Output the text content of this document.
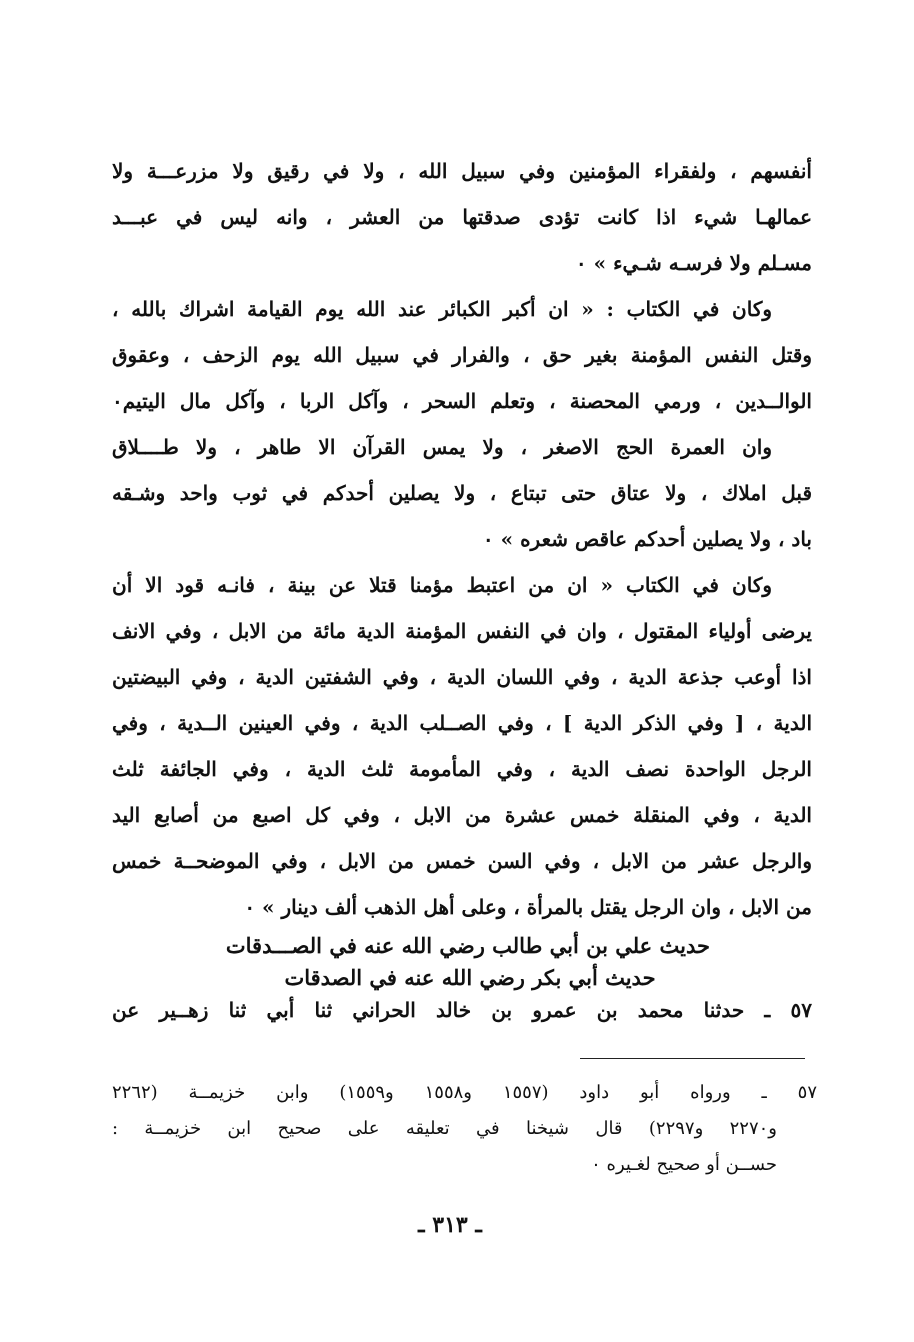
أنفسهم ، ولفقراء المؤمنين وفي سبيل الله ، ولا في رقيق ولا مزرعـــة ولا
عمالهـا شيء اذا كانت تؤدى صدقتها من العشر ، وانه ليس في عبـــد
مسـلم ولا فرسـه شـيء » ٠
وكان في الكتاب : « ان أكبر الكبائر عند الله يوم القيامة اشراك بالله ،
وقتل النفس المؤمنة بغير حق ، والفرار في سبيل الله يوم الزحف ، وعقوق
الوالــدين ، ورمي المحصنة ، وتعلم السحر ، وآكل الربا ، وآكل مال اليتيم٠
وان العمرة الحج الاصغر ، ولا يمس القرآن الا طاهر ، ولا طــــلاق
قبل املاك ، ولا عتاق حتى تبتاع ، ولا يصلين أحدكم في ثوب واحد وشـقه
باد ، ولا يصلين أحدكم عاقص شعره » ٠
وكان في الكتاب « ان من اعتبط مؤمنا قتلا عن بينة ، فانـه قود الا أن
يرضى أولياء المقتول ، وان في النفس المؤمنة الدية مائة من الابل ، وفي الانف
اذا أوعب جذعة الدية ، وفي اللسان الدية ، وفي الشفتين الدية ، وفي البيضتين
الدية ، [ وفي الذكر الدية ] ، وفي الصــلب الدية ، وفي العينين الــدية ، وفي
الرجل الواحدة نصف الدية ، وفي المأمومة ثلث الدية ، وفي الجائفة ثلث
الدية ، وفي المنقلة خمس عشرة من الابل ، وفي كل اصبع من أصابع اليد
والرجل عشر من الابل ، وفي السن خمس من الابل ، وفي الموضحــة خمس
من الابل ، وان الرجل يقتل بالمرأة ، وعلى أهل الذهب ألف دينار » ٠
حديث علي بن أبي طالب رضي الله عنه في الصـــدقات
حديث أبي بكر رضي الله عنه في الصدقات
٥٧ ـ حدثنا محمد بن عمرو بن خالد الحراني ثنا أبي ثنا زهــير عن
٥٧ ـ ورواه أبو داود (١٥٥٧ و١٥٥٨ و١٥٥٩) وابن خزيمــة (٢٢٦٢
و٢٢٧٠ و٢٢٩٧) قال شيخنا في تعليقه على صحيح ابن خزيمــة :
حســن أو صحيح لغـيره ٠
ـ ٣١٣ ـ
